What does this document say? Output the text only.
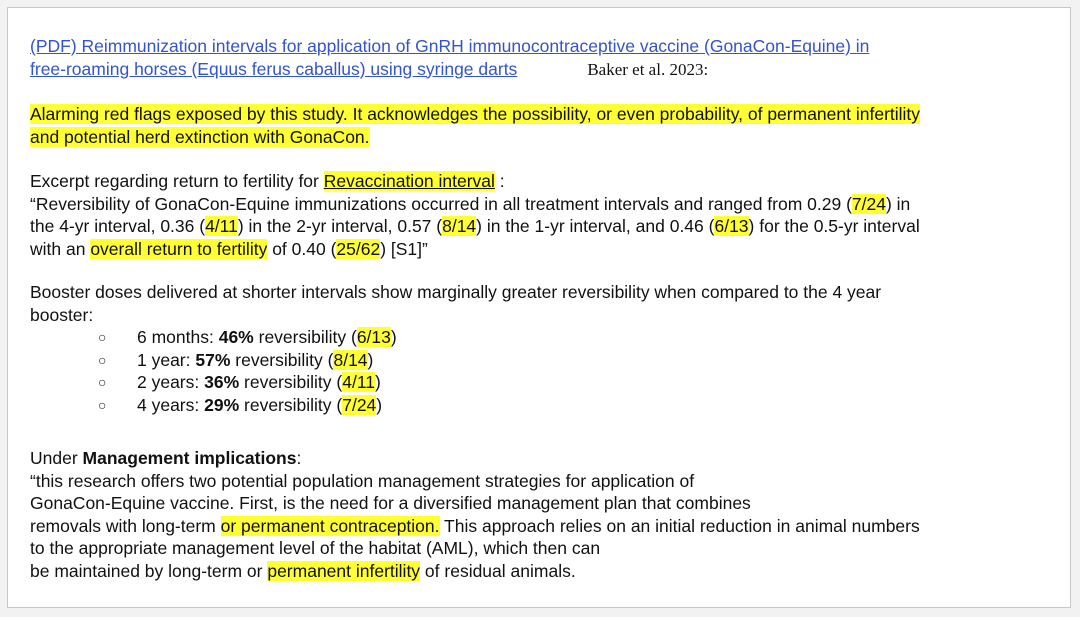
(PDF) Reimmunization intervals for application of GnRH immunocontraceptive vaccine (GonaCon-Equine) in
free-roaming horses (Equus ferus caballus) using syringe darts	Baker et al. 2023:

Alarming red flags exposed by this study. It acknowledges the possibility, or even probability, of permanent infertility
and potential herd extinction with GonaCon.

Excerpt regarding return to fertility for Revaccination interval :
“Reversibility of GonaCon-Equine immunizations occurred in all treatment intervals and ranged from 0.29 (7/24) in
the 4-yr interval, 0.36 (4/11) in the 2-yr interval, 0.57 (8/14) in the 1-yr interval, and 0.46 (6/13) for the 0.5-yr interval
with an overall return to fertility of 0.40 (25/62) [S1]”

Booster doses delivered at shorter intervals show marginally greater reversibility when compared to the 4 year
booster:

○ 6 months: 46% reversibility (6/13)
○ 1 year: 57% reversibility (8/14)
○ 2 years: 36% reversibility (4/11)
○ 4 years: 29% reversibility (7/24)

Under Management implications:
“this research offers two potential population management strategies for application of
GonaCon-Equine vaccine. First, is the need for a diversified management plan that combines
removals with long-term or permanent contraception. This approach relies on an initial reduction in animal numbers
to the appropriate management level of the habitat (AML), which then can
be maintained by long-term or permanent infertility of residual animals.
